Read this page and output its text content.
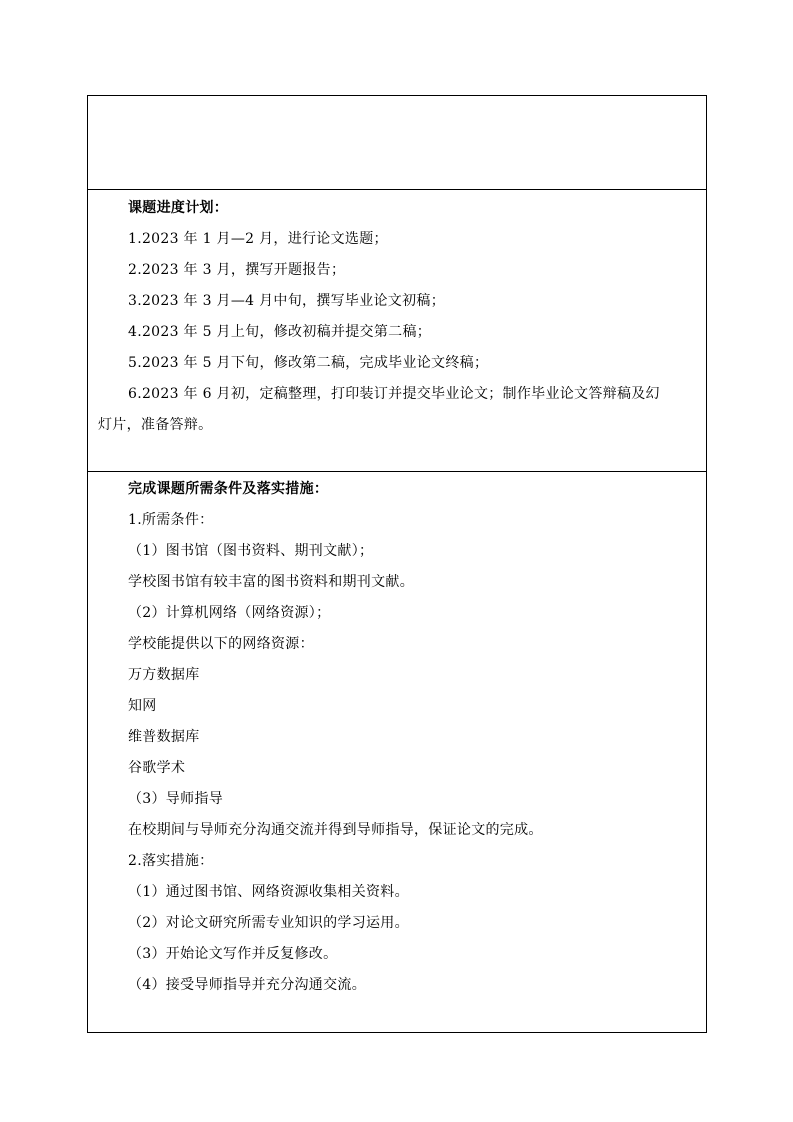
课题进度计划：
1.2023 年 1 月—2 月，进行论文选题；
2.2023 年 3 月，撰写开题报告；
3.2023 年 3 月—4 月中旬，撰写毕业论文初稿；
4.2023 年 5 月上旬，修改初稿并提交第二稿；
5.2023 年 5 月下旬，修改第二稿，完成毕业论文终稿；
6.2023 年 6 月初，定稿整理，打印装订并提交毕业论文；制作毕业论文答辩稿及幻
灯片，准备答辩。
完成课题所需条件及落实措施：
1.所需条件：
（1）图书馆（图书资料、期刊文献）；
学校图书馆有较丰富的图书资料和期刊文献。
（2）计算机网络（网络资源）；
学校能提供以下的网络资源：
万方数据库
知网
维普数据库
谷歌学术
（3）导师指导
在校期间与导师充分沟通交流并得到导师指导，保证论文的完成。
2.落实措施：
（1）通过图书馆、网络资源收集相关资料。
（2）对论文研究所需专业知识的学习运用。
（3）开始论文写作并反复修改。
（4）接受导师指导并充分沟通交流。
